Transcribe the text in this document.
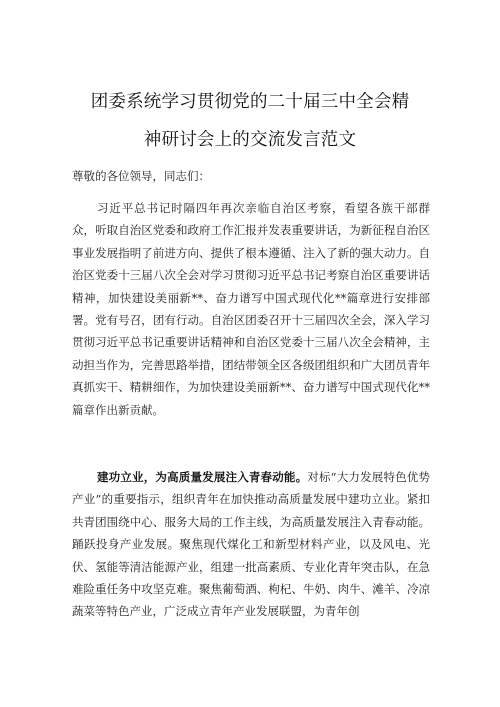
团委系统学习贯彻党的二十届三中全会精
神研讨会上的交流发言范文
尊敬的各位领导，同志们：
习近平总书记时隔四年再次亲临自治区考察，看望各族干部群众，听取自治区党委和政府工作汇报并发表重要讲话，为新征程自治区事业发展指明了前进方向、提供了根本遵循、注入了新的强大动力。自治区党委十三届八次全会对学习贯彻习近平总书记考察自治区重要讲话精神，加快建设美丽新**、奋力谱写中国式现代化**篇章进行安排部署。党有号召，团有行动。自治区团委召开十三届四次全会，深入学习贯彻习近平总书记重要讲话精神和自治区党委十三届八次全会精神，主动担当作为，完善思路举措，团结带领全区各级团组织和广大团员青年真抓实干、精耕细作，为加快建设美丽新**、奋力谱写中国式现代化**篇章作出新贡献。
建功立业，为高质量发展注入青春动能。对标“大力发展特色优势产业”的重要指示，组织青年在加快推动高质量发展中建功立业。紧扣共青团围绕中心、服务大局的工作主线，为高质量发展注入青春动能。踊跃投身产业发展。聚焦现代煤化工和新型材料产业，以及风电、光伏、氢能等清洁能源产业，组建一批高素质、专业化青年突击队，在急难险重任务中攻坚克难。聚焦葡萄酒、枸杞、牛奶、肉牛、滩羊、冷凉蔬菜等特色产业，广泛成立青年产业发展联盟，为青年创
